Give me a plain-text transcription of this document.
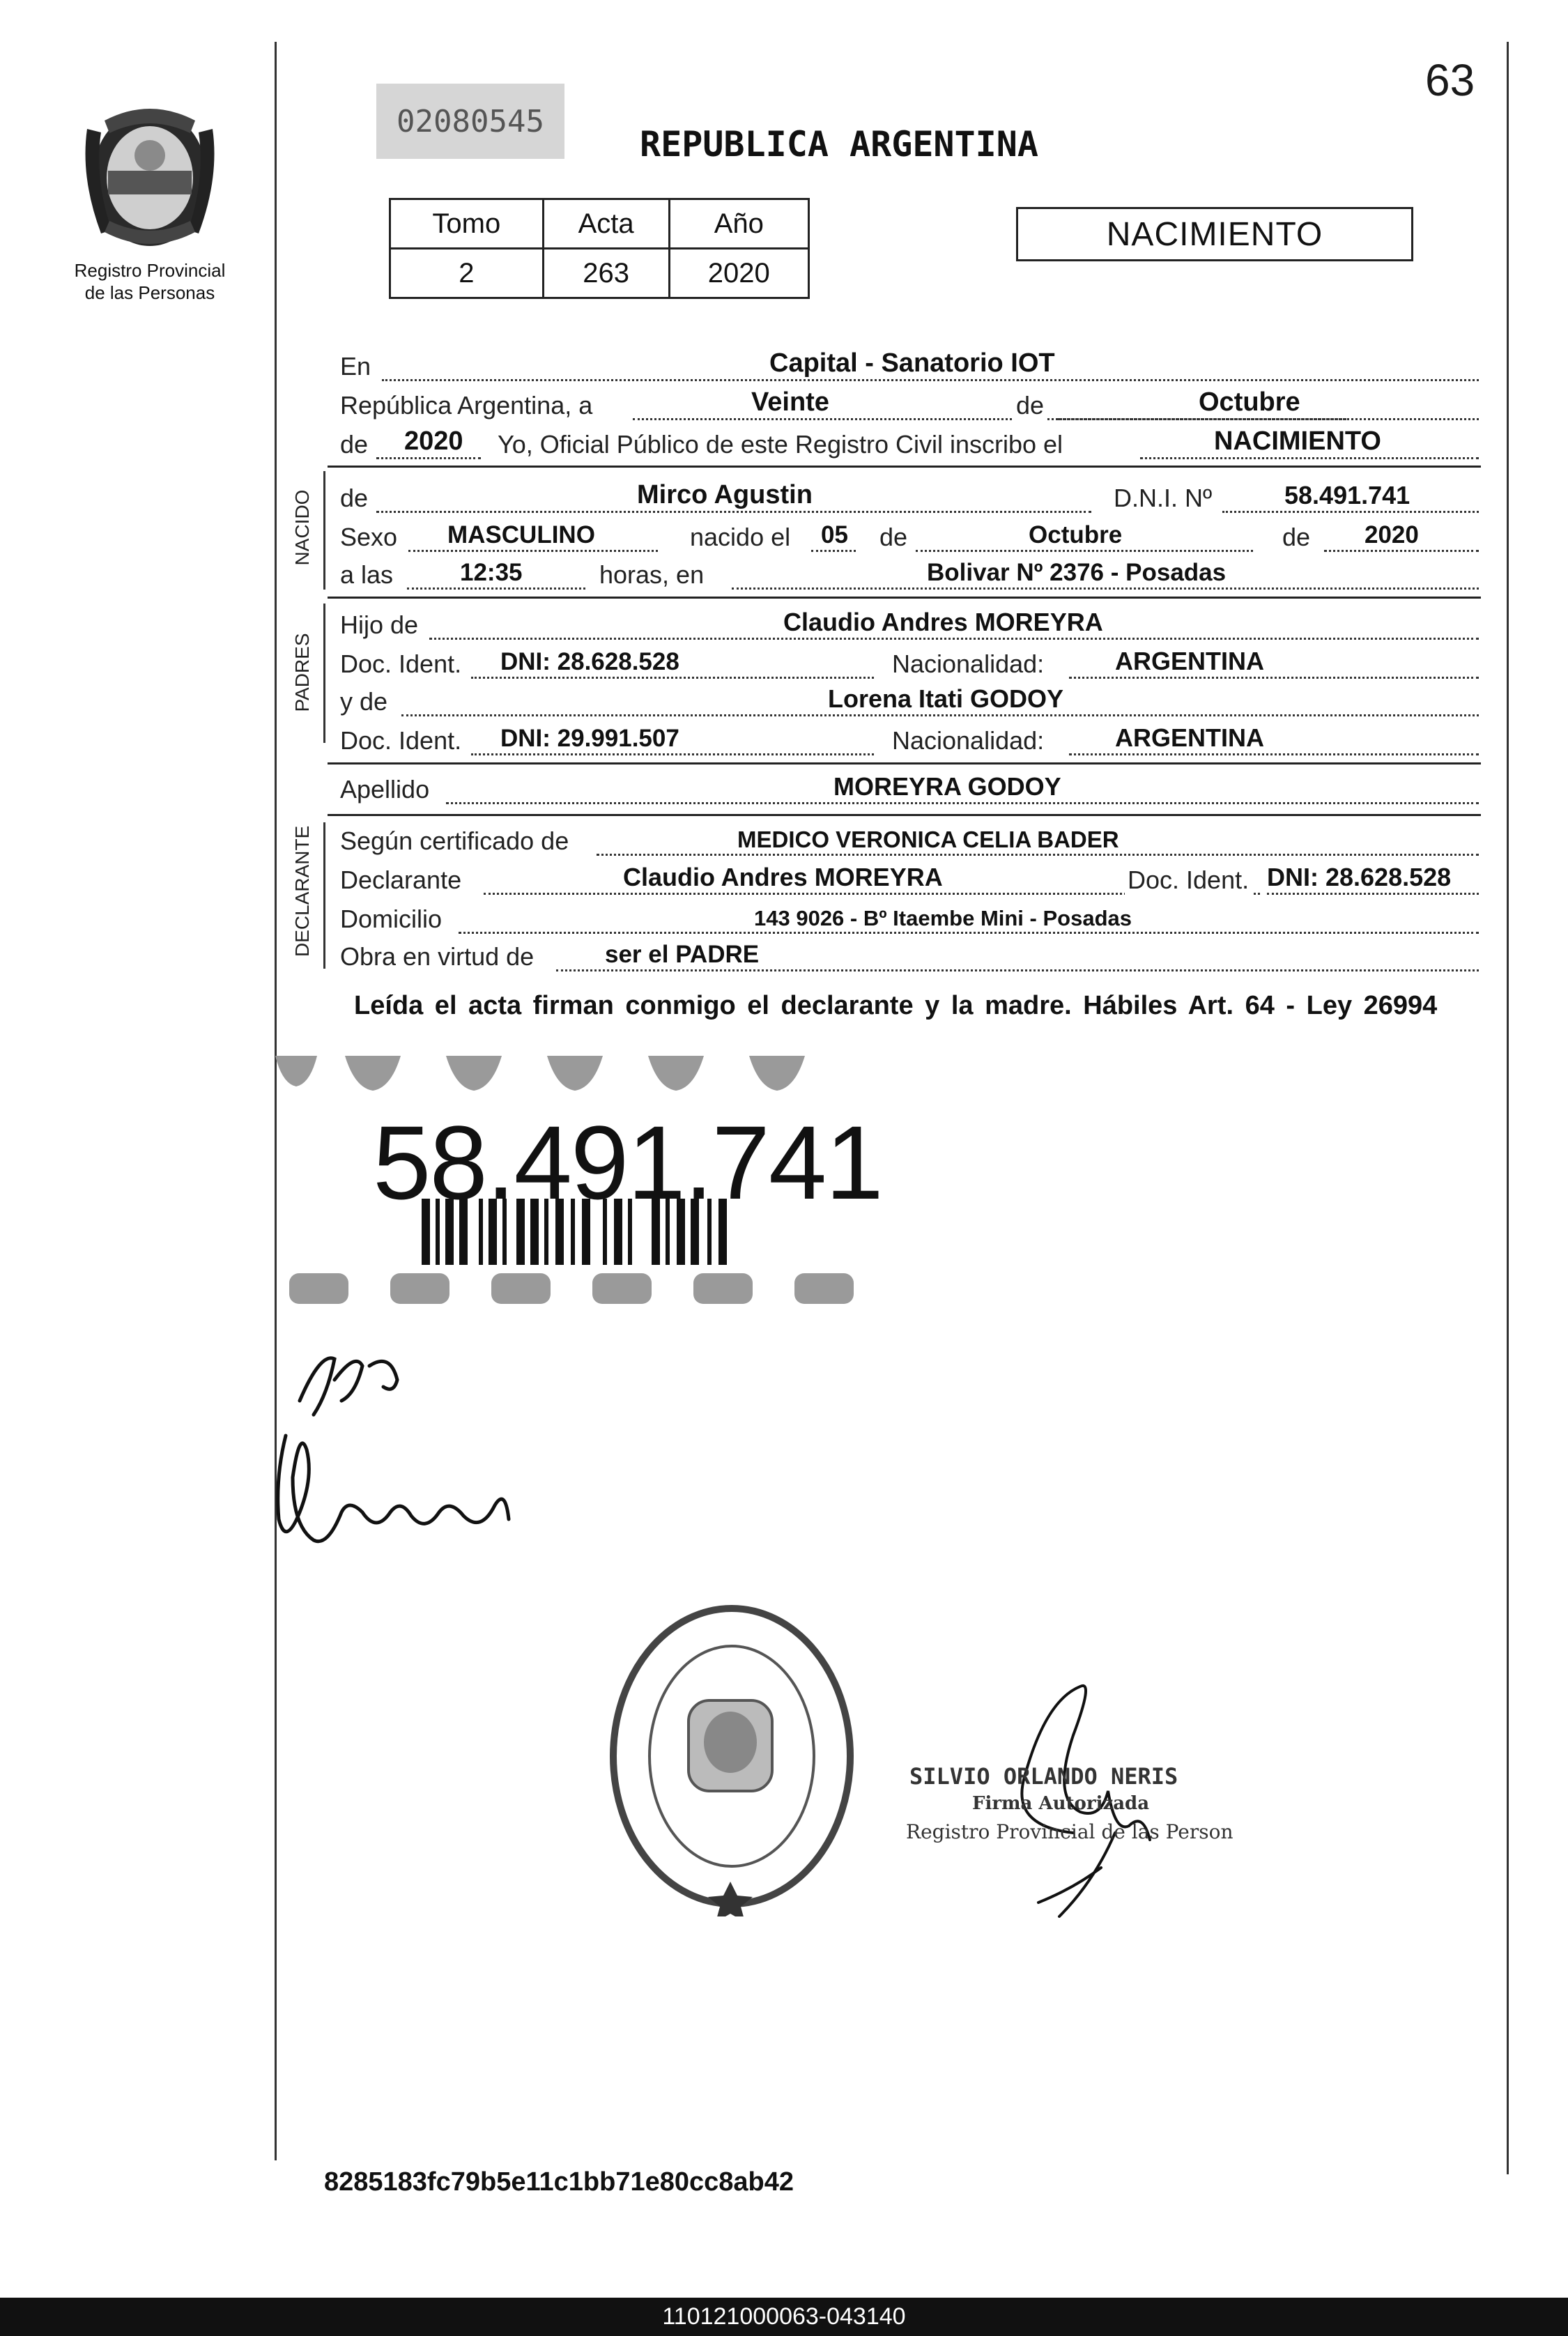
63
02080545
REPUBLICA ARGENTINA
Registro Provincial
de las Personas
Tomo	Acta	Año
2	263	2020
NACIMIENTO
En	Capital - Sanatorio IOT
República Argentina, a	Veinte	de	Octubre
de 2020 Yo, Oficial Público de este Registro Civil inscribo el	NACIMIENTO
NACIDO
PADRES
DECLARANTE
de	Mirco Agustin	D.N.I. Nº	58.491.741
Sexo MASCULINO	nacido el 05 de	Octubre	de 2020
a las	12:35	horas, en	Bolivar Nº 2376 - Posadas
Hijo de	Claudio Andres MOREYRA
Doc. Ident. DNI: 28.628.528	Nacionalidad:	ARGENTINA
y de	Lorena Itati GODOY
Doc. Ident. DNI: 29.991.507	Nacionalidad:	ARGENTINA
Apellido	MOREYRA GODOY
Según certificado de	MEDICO VERONICA CELIA BADER
Declarante	Claudio Andres MOREYRA	Doc. Ident. DNI: 28.628.528
Domicilio	143 9026 - Bº Itaembe Mini - Posadas
Obra en virtud de	ser el PADRE
Leída el acta firman conmigo el declarante y la madre. Hábiles Art. 64 - Ley 26994
58.491.741
SILVIO ORLANDO NERIS
Firma Autorizada
Registro Provincial de las Person
8285183fc79b5e11c1bb71e80cc8ab42
110121000063-043140
